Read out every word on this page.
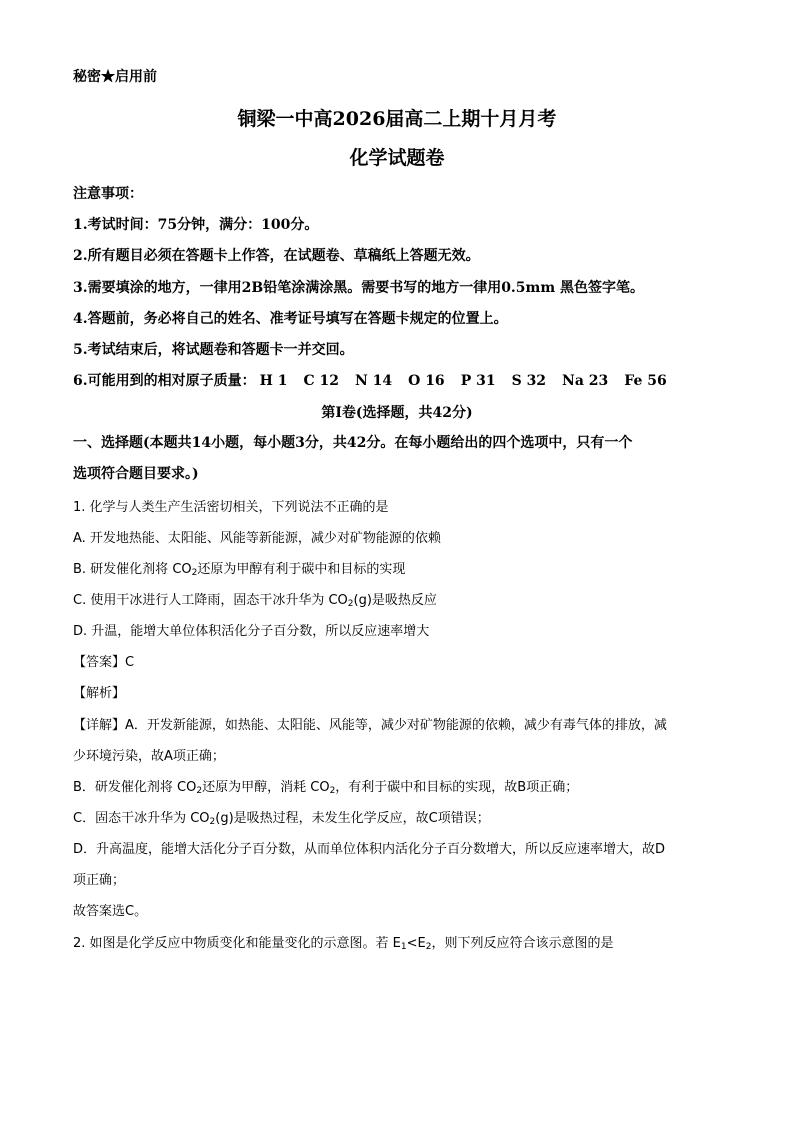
秘密★启用前
铜梁一中高2026届高二上期十月月考
化学试题卷
注意事项：
1.考试时间：75分钟，满分：100分。
2.所有题目必须在答题卡上作答，在试题卷、草稿纸上答题无效。
3.需要填涂的地方，一律用2B铅笔涂满涂黑。需要书写的地方一律用0.5mm 黑色签字笔。
4.答题前，务必将自己的姓名、准考证号填写在答题卡规定的位置上。
5.考试结束后，将试题卷和答题卡一并交回。
6.可能用到的相对原子质量： H 1 C 12 N 14 O 16 P 31 S 32 Na 23 Fe 56
第Ⅰ卷(选择题，共42分)
一、选择题(本题共14小题，每小题3分，共42分。在每小题给出的四个选项中，只有一个
选项符合题目要求。)
1. 化学与人类生产生活密切相关，下列说法不正确的是
A. 开发地热能、太阳能、风能等新能源，减少对矿物能源的依赖
B. 研发催化剂将 $CO_2$还原为甲醇有利于碳中和目标的实现
C. 使用干冰进行人工降雨，固态干冰升华为 $CO_2(g)$是吸热反应
D. 升温，能增大单位体积活化分子百分数，所以反应速率增大
【答案】C
【解析】
【详解】A．开发新能源，如热能、太阳能、风能等，减少对矿物能源的依赖，减少有毒气体的排放，减
少环境污染，故A项正确；
B．研发催化剂将 $CO_2$还原为甲醇，消耗 $CO_2$，有利于碳中和目标的实现，故B项正确；
C．固态干冰升华为 $CO_2(g)$是吸热过程，未发生化学反应，故C项错误；
D．升高温度，能增大活化分子百分数，从而单位体积内活化分子百分数增大，所以反应速率增大，故D
项正确；
故答案选C。
2. 如图是化学反应中物质变化和能量变化的示意图。若 $E_1<E_2$，则下列反应符合该示意图的是
